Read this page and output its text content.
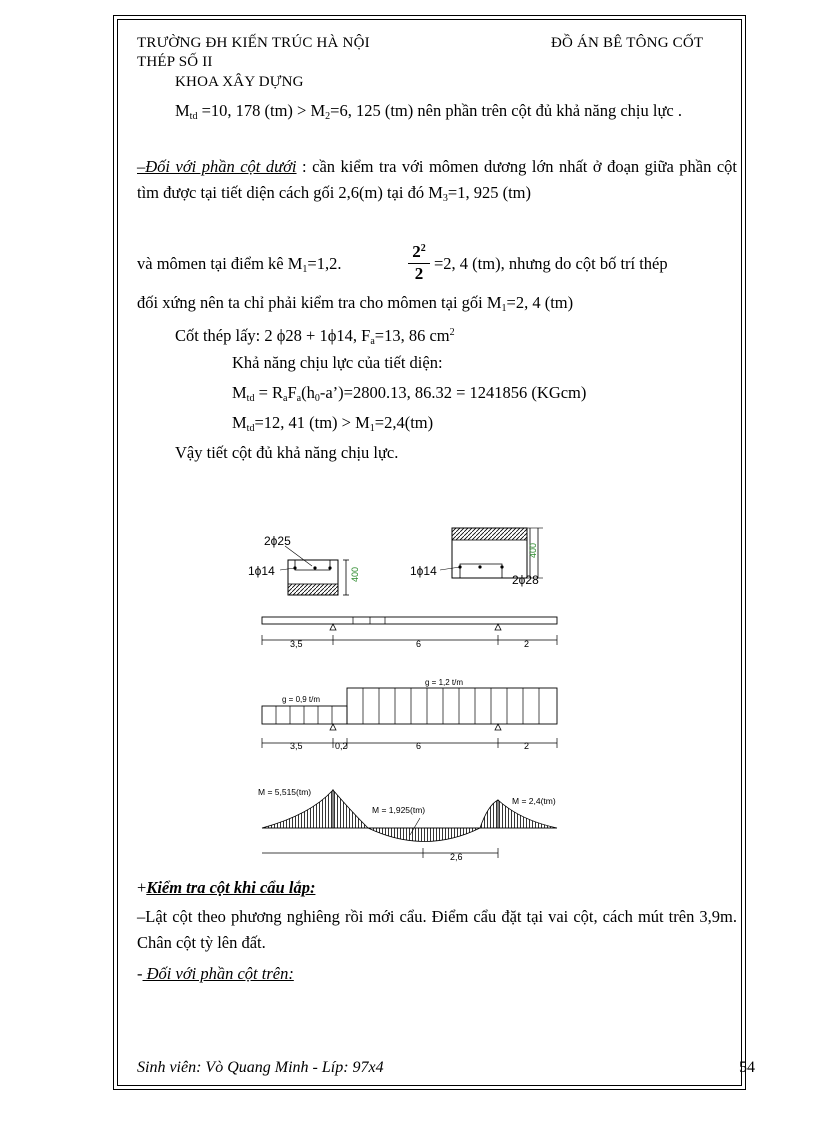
TRƯỜNG ĐH KIẾN TRÚC HÀ NỘI	ĐỒ ÁN BÊ TÔNG CỐT
THÉP SỐ II
KHOA XÂY DỰNG
$M_{td} =10$, 178 $(tm) > M_2=6$, 125 (tm) nên phần trên cột đủ khả năng chịu lực .
–Đối với phần cột dưới : cần kiểm tra với mômen dương lớn nhất ở đoạn giữa phần cột tìm được tại tiết diện cách gối 2,6(m) tại đó $M_3=1$, 925 (tm)
và mômen tại điểm kê $M_1=1,2$.	$\frac{2^2}{2} =2$, 4 (tm), nhưng do cột bố trí thép
đối xứng nên ta chỉ phải kiểm tra cho mômen tại gối $M_1=2$, 4 (tm)
Cốt thép lấy: 2 ϕ28 + 1ϕ14, $F_a=13$, 86 $cm^2$
Khả năng chịu lực của tiết diện:
$M_{td}$ = $R_aF_a(h_0-a’)=2800.13$, 86.32 = 1241856 (KGcm)
$M_{td}=12$, 41 $(tm) > M_1=2,4(tm)$
Vậy tiết cột đủ khả năng chịu lực.
400
2ϕ25
1ϕ14
400
1ϕ14
2ϕ28
3,5	6	2
g = 0,9 t/m
g = 1,2 t/m
3,5	0,2	6	2
M = 5,515(tm)
M = 1,925(tm)
M = 2,4(tm)
2,6
+Kiểm tra cột khi cẩu lắp:
–Lật cột theo phương nghiêng rồi mới cẩu. Điểm cẩu đặt tại vai cột, cách mút trên 3,9m. Chân cột tỳ lên đất.
- Đối với phần cột trên:
Sinh viên: Vò Quang Minh - Líp: 97x4	54
